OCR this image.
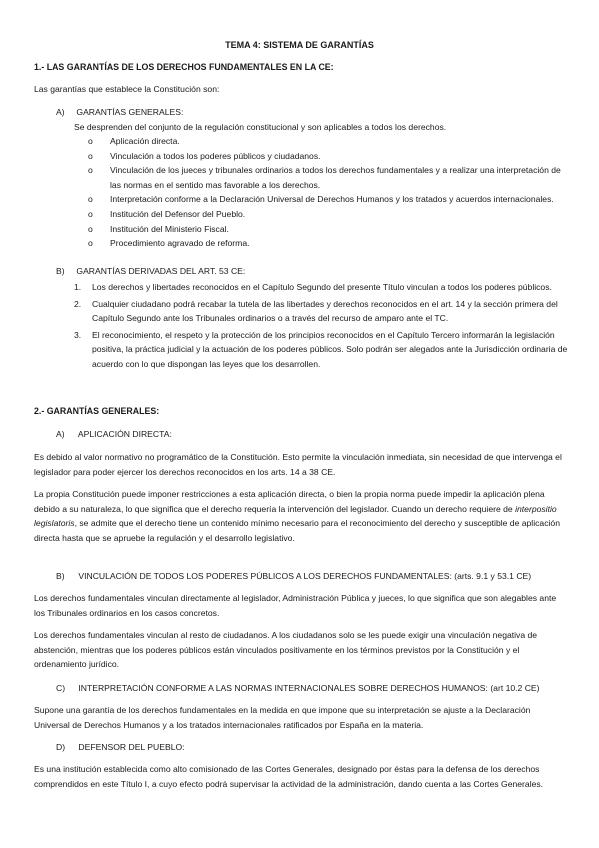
TEMA 4: SISTEMA DE GARANTÍAS
1.- LAS GARANTÍAS DE LOS DERECHOS FUNDAMENTALES EN LA CE:
Las garantías que establece la Constitución son:
A) GARANTÍAS GENERALES:
Se desprenden del conjunto de la regulación constitucional y son aplicables a todos los derechos.
o Aplicación directa.
o Vinculación a todos los poderes públicos y ciudadanos.
o Vinculación de los jueces y tribunales ordinarios a todos los derechos fundamentales y a realizar una interpretación de las normas en el sentido mas favorable a los derechos.
o Interpretación conforme a la Declaración Universal de Derechos Humanos y los tratados y acuerdos internacionales.
o Institución del Defensor del Pueblo.
o Institución del Ministerio Fiscal.
o Procedimiento agravado de reforma.
B) GARANTÍAS DERIVADAS DEL ART. 53 CE:
1. Los derechos y libertades reconocidos en el Capítulo Segundo del presente Título vinculan a todos los poderes públicos.
2. Cualquier ciudadano podrá recabar la tutela de las libertades y derechos reconocidos en el art. 14 y la sección primera del Capítulo Segundo ante los Tribunales ordinarios o a través del recurso de amparo ante el TC.
3. El reconocimiento, el respeto y la protección de los principios reconocidos en el Capítulo Tercero informarán la legislación positiva, la práctica judicial y la actuación de los poderes públicos. Solo podrán ser alegados ante la Jurisdicción ordinaria de acuerdo con lo que dispongan las leyes que los desarrollen.
2.- GARANTÍAS GENERALES:
A) APLICACIÓN DIRECTA:
Es debido al valor normativo no programático de la Constitución. Esto permite la vinculación inmediata, sin necesidad de que intervenga el legislador para poder ejercer los derechos reconocidos en los arts. 14 a 38 CE.
La propia Constitución puede imponer restricciones a esta aplicación directa, o bien la propia norma puede impedir la aplicación plena debido a su naturaleza, lo que significa que el derecho requería la intervención del legislador. Cuando un derecho requiere de interpositio legislatoris, se admite que el derecho tiene un contenido mínimo necesario para el reconocimiento del derecho y susceptible de aplicación directa hasta que se apruebe la regulación y el desarrollo legislativo.
B) VINCULACIÓN DE TODOS LOS PODERES PÚBLICOS A LOS DERECHOS FUNDAMENTALES: (arts. 9.1 y 53.1 CE)
Los derechos fundamentales vinculan directamente al legislador, Administración Pública y jueces, lo que significa que son alegables ante los Tribunales ordinarios en los casos concretos.
Los derechos fundamentales vinculan al resto de ciudadanos. A los ciudadanos solo se les puede exigir una vinculación negativa de abstención, mientras que los poderes públicos están vinculados positivamente en los términos previstos por la Constitución y el ordenamiento jurídico.
C) INTERPRETACIÓN CONFORME A LAS NORMAS INTERNACIONALES SOBRE DERECHOS HUMANOS: (art 10.2 CE)
Supone una garantía de los derechos fundamentales en la medida en que impone que su interpretación se ajuste a la Declaración Universal de Derechos Humanos y a los tratados internacionales ratificados por España en la materia.
D) DEFENSOR DEL PUEBLO:
Es una institución establecida como alto comisionado de las Cortes Generales, designado por éstas para la defensa de los derechos comprendidos en este Título I, a cuyo efecto podrá supervisar la actividad de la administración, dando cuenta a las Cortes Generales.
